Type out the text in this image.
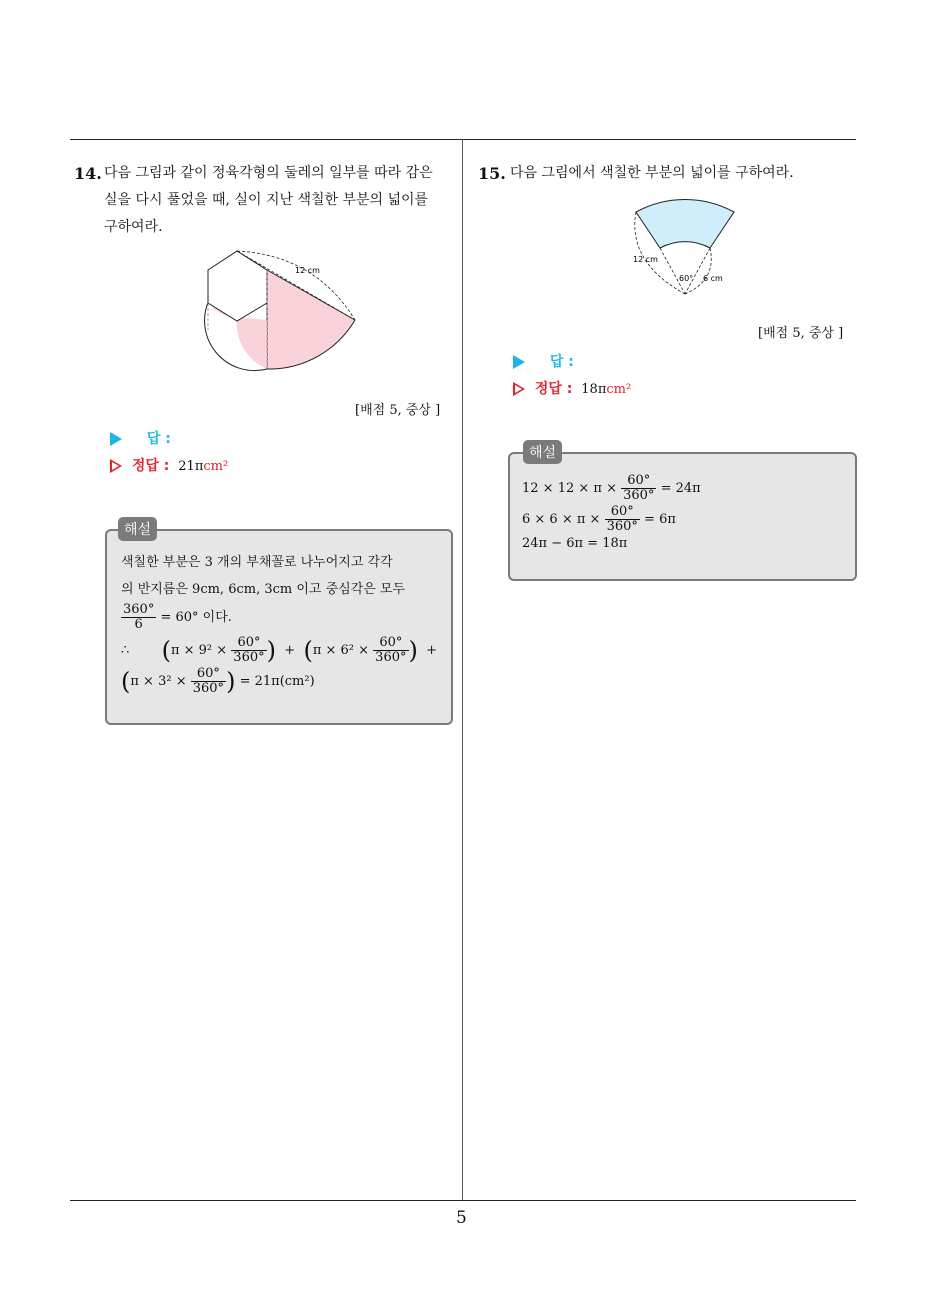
14. 다음 그림과 같이 정육각형의 둘레의 일부를 따라 감은
실을 다시 풀었을 때, 실이 지난 색칠한 부분의 넓이를
구하여라.
12 cm
[배점 5, 중상 ]
답 :
정답 : 21πcm²
색칠한 부분은 3 개의 부채꼴로 나누어지고 각각
의 반지름은 9cm, 6cm, 3cm 이고 중심각은 모두
$\frac{360^\circ}{6} = 60^\circ$ 이다.
∴ ($\pi \times 9^2 \times \frac{60^\circ}{360^\circ}$ ) + ($\pi \times 6^2 \times \frac{60^\circ}{360^\circ}$ ) +
($\pi \times 3^2 \times \frac{60^\circ}{360^\circ}$ ) = 21π(cm²)
해설
15. 다음 그림에서 색칠한 부분의 넓이를 구하여라.
12 cm
60° 6 cm
[배점 5, 중상 ]
답 :
정답 : 18πcm²
$12 \times 12 \times \pi \times \frac{60^\circ}{360^\circ} = 24\pi$
$6 \times 6 \times \pi \times \frac{60^\circ}{360^\circ} = 6\pi$
24π − 6π = 18π
해설
5
